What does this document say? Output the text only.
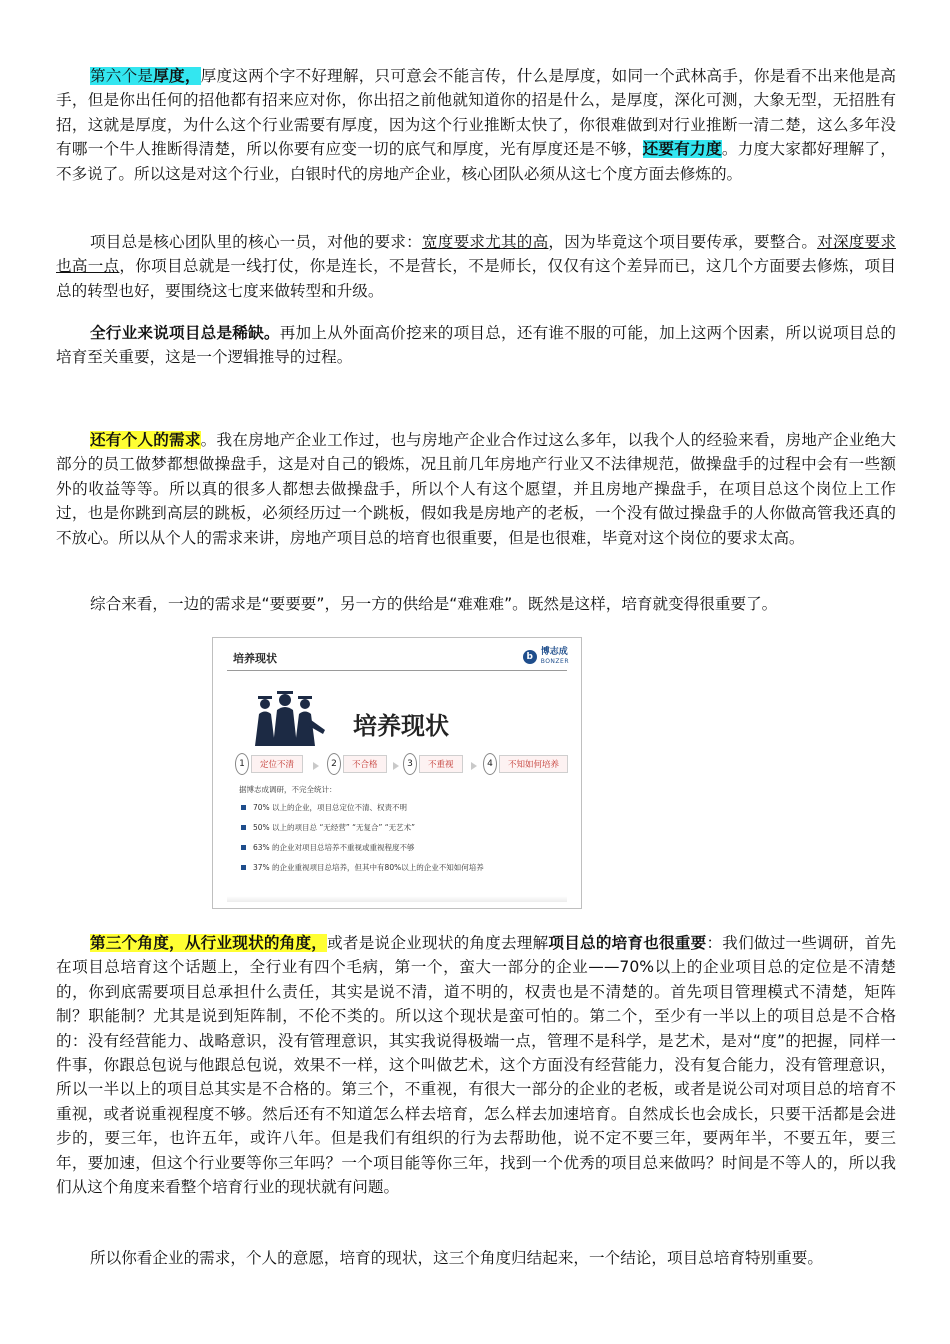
第六个是厚度，厚度这两个字不好理解，只可意会不能言传，什么是厚度，如同一个武林高手，你是看不出来他是高手，但是你出任何的招他都有招来应对你，你出招之前他就知道你的招是什么，是厚度，深化可测，大象无型，无招胜有招，这就是厚度，为什么这个行业需要有厚度，因为这个行业推断太快了，你很难做到对行业推断一清二楚，这么多年没有哪一个牛人推断得清楚，所以你要有应变一切的底气和厚度，光有厚度还是不够，还要有力度。力度大家都好理解了，不多说了。所以这是对这个行业，白银时代的房地产企业，核心团队必须从这七个度方面去修炼的。

项目总是核心团队里的核心一员，对他的要求：宽度要求尤其的高，因为毕竟这个项目要传承，要整合。对深度要求也高一点，你项目总就是一线打仗，你是连长，不是营长，不是师长，仅仅有这个差异而已，这几个方面要去修炼，项目总的转型也好，要围绕这七度来做转型和升级。

全行业来说项目总是稀缺。再加上从外面高价挖来的项目总，还有谁不服的可能，加上这两个因素，所以说项目总的培育至关重要，这是一个逻辑推导的过程。

还有个人的需求。我在房地产企业工作过，也与房地产企业合作过这么多年，以我个人的经验来看，房地产企业绝大部分的员工做梦都想做操盘手，这是对自己的锻炼，况且前几年房地产行业又不法律规范，做操盘手的过程中会有一些额外的收益等等。所以真的很多人都想去做操盘手，所以个人有这个愿望，并且房地产操盘手，在项目总这个岗位上工作过，也是你跳到高层的跳板，必须经历过一个跳板，假如我是房地产的老板，一个没有做过操盘手的人你做高管我还真的不放心。所以从个人的需求来讲，房地产项目总的培育也很重要，但是也很难，毕竟对这个岗位的要求太高。

综合来看，一边的需求是“要要要”，另一方的供给是“难难难”。既然是这样，培育就变得很重要了。

培养现状	b 博志成
BONZER
培养现状
1	定位不清	2	不合格	3	不重视	4	不知如何培养
据博志成调研，不完全统计：
70% 以上的企业，项目总定位不清、权责不明
50% 以上的项目总 “无经营” “无复合” “无艺术”
63% 的企业对项目总培养不重视或重视程度不够
37% 的企业重视项目总培养，但其中有80%以上的企业不知如何培养

第三个角度，从行业现状的角度，或者是说企业现状的角度去理解项目总的培育也很重要：我们做过一些调研，首先在项目总培育这个话题上，全行业有四个毛病，第一个，蛮大一部分的企业——70%以上的企业项目总的定位是不清楚的，你到底需要项目总承担什么责任，其实是说不清，道不明的，权责也是不清楚的。首先项目管理模式不清楚，矩阵制？职能制？尤其是说到矩阵制，不伦不类的。所以这个现状是蛮可怕的。第二个，至少有一半以上的项目总是不合格的：没有经营能力、战略意识，没有管理意识，其实我说得极端一点，管理不是科学，是艺术，是对“度”的把握，同样一件事，你跟总包说与他跟总包说，效果不一样，这个叫做艺术，这个方面没有经营能力，没有复合能力，没有管理意识，所以一半以上的项目总其实是不合格的。第三个，不重视，有很大一部分的企业的老板，或者是说公司对项目总的培育不重视，或者说重视程度不够。然后还有不知道怎么样去培育，怎么样去加速培育。自然成长也会成长，只要干活都是会进步的，要三年，也许五年，或许八年。但是我们有组织的行为去帮助他，说不定不要三年，要两年半，不要五年，要三年，要加速，但这个行业要等你三年吗？一个项目能等你三年，找到一个优秀的项目总来做吗？时间是不等人的，所以我们从这个角度来看整个培育行业的现状就有问题。

所以你看企业的需求，个人的意愿，培育的现状，这三个角度归结起来，一个结论，项目总培育特别重要。
